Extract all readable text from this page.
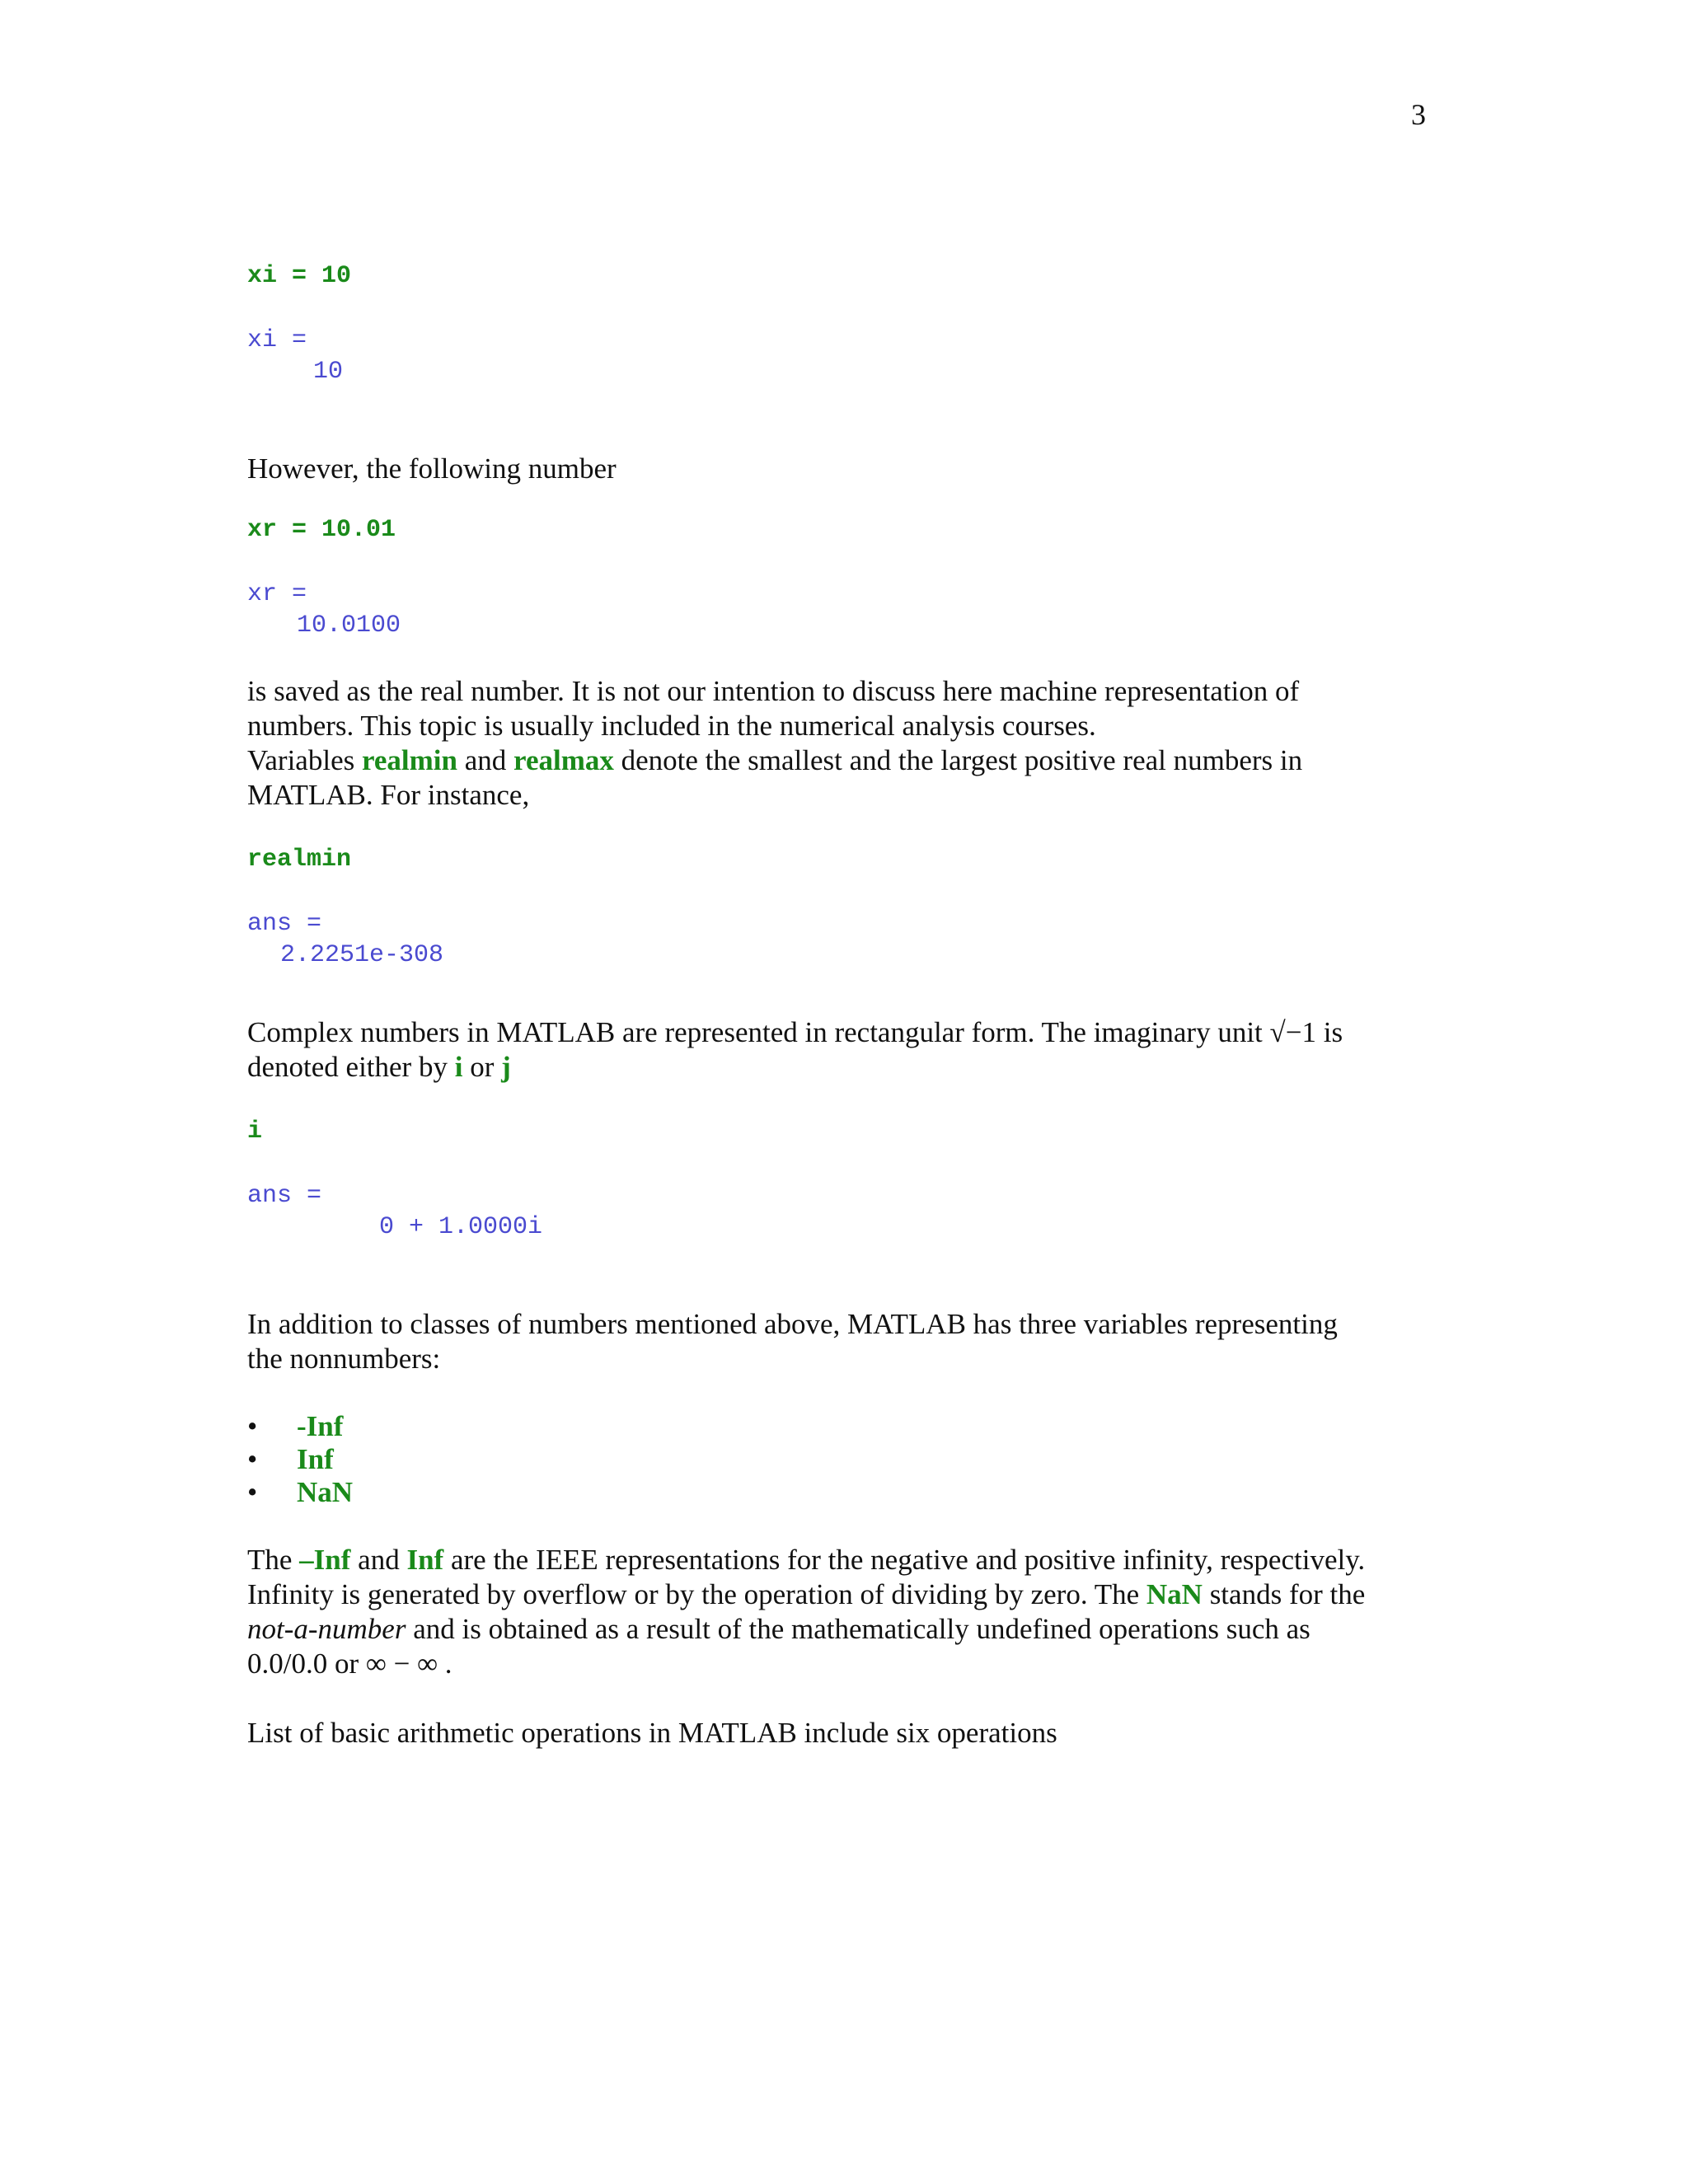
3
xi = 10
xi =
10
However, the following number
xr = 10.01
xr =
10.0100
is saved as the real number. It is not our intention to discuss here machine representation of
numbers. This topic is usually included in the numerical analysis courses.
Variables realmin and realmax denote the smallest and the largest positive real numbers in
MATLAB. For instance,
realmin
ans =
2.2251e-308
Complex numbers in MATLAB are represented in rectangular form. The imaginary unit √−1 is
denoted either by i or j
i
ans =
0 + 1.0000i
In addition to classes of numbers mentioned above, MATLAB has three variables representing
the nonnumbers:
• -Inf
• Inf
• NaN
The –Inf and Inf are the IEEE representations for the negative and positive infinity, respectively.
Infinity is generated by overflow or by the operation of dividing by zero. The NaN stands for the
not-a-number and is obtained as a result of the mathematically undefined operations such as
0.0/0.0 or ∞ − ∞ .
List of basic arithmetic operations in MATLAB include six operations
